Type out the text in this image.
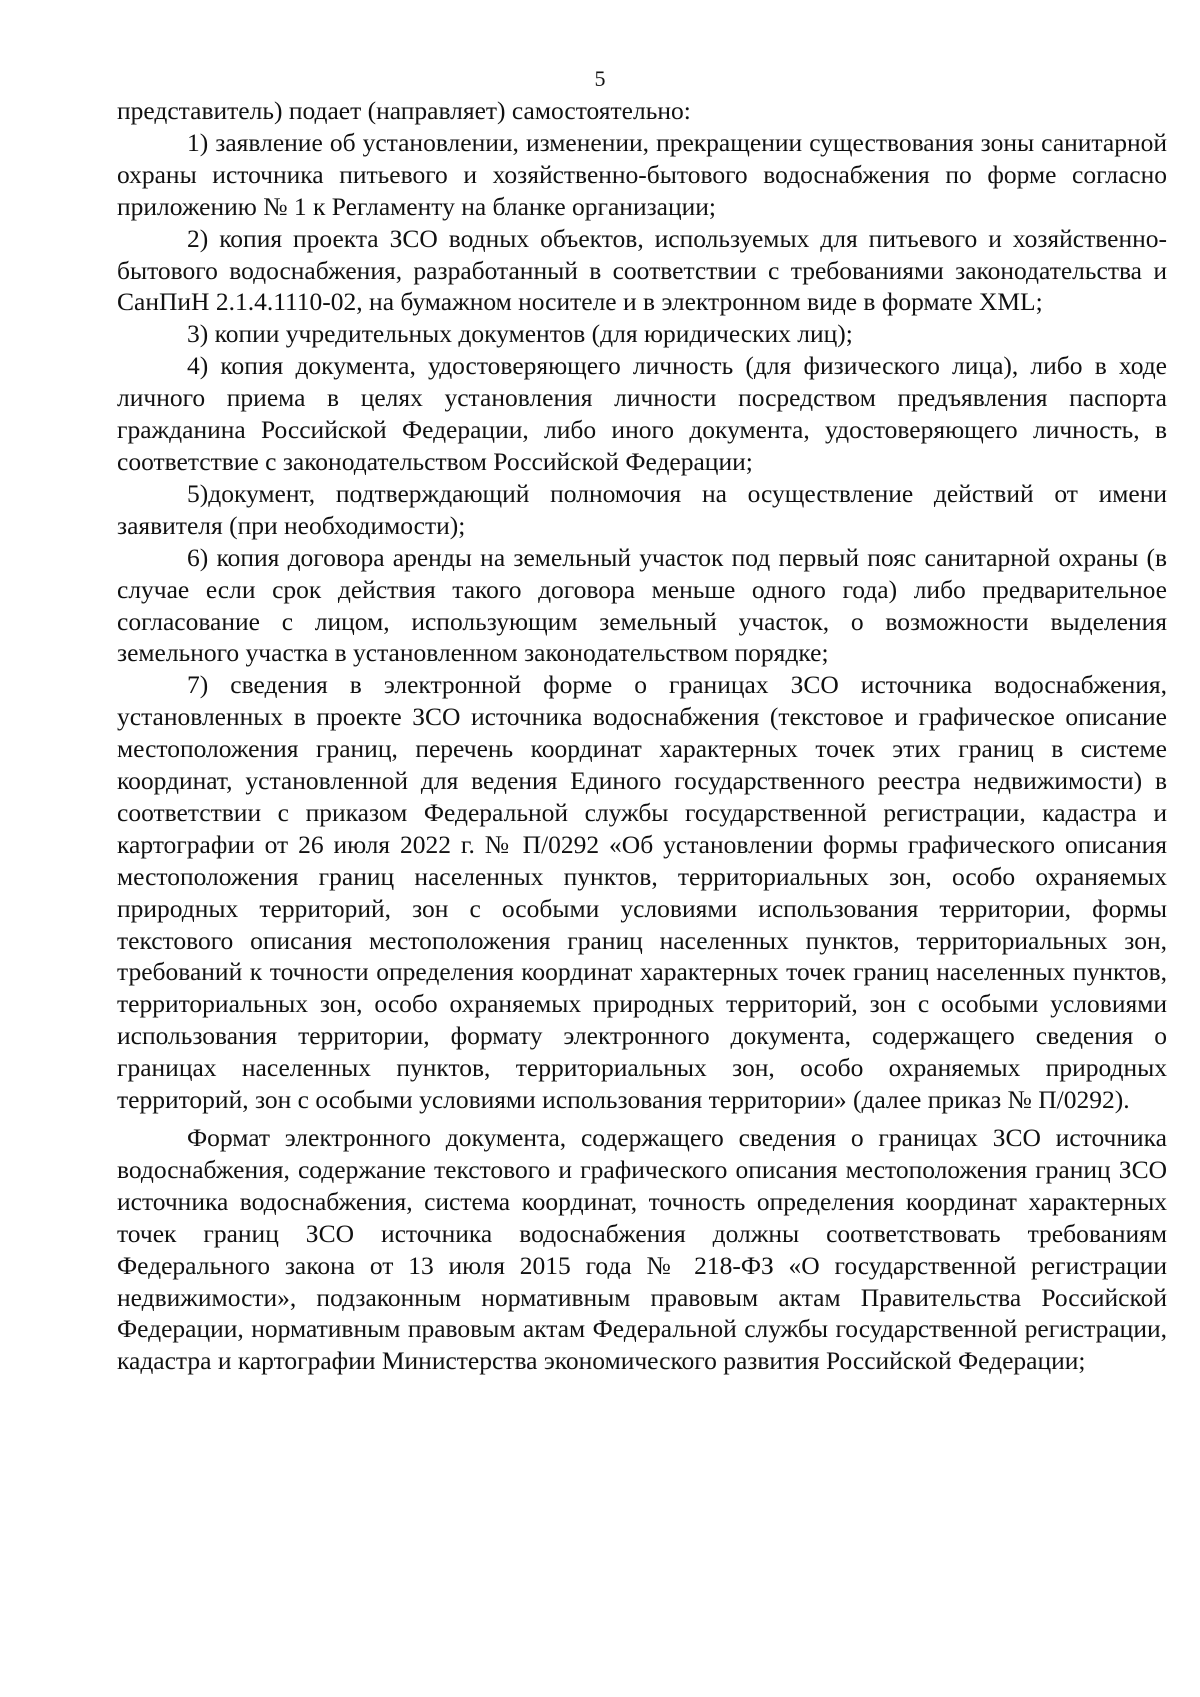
5

представитель) подает (направляет) самостоятельно:

1) заявление об установлении, изменении, прекращении существования зоны санитарной охраны источника питьевого и хозяйственно-бытового водоснабжения по форме согласно приложению № 1 к Регламенту на бланке организации;

2) копия проекта ЗСО водных объектов, используемых для питьевого и хозяйственно-бытового водоснабжения, разработанный в соответствии с требованиями законодательства и СанПиН 2.1.4.1110-02, на бумажном носителе и в электронном виде в формате XML;

3) копии учредительных документов (для юридических лиц);

4) копия документа, удостоверяющего личность (для физического лица), либо в ходе личного приема в целях установления личности посредством предъявления паспорта гражданина Российской Федерации, либо иного документа, удостоверяющего личность, в соответствие с законодательством Российской Федерации;

5)документ, подтверждающий полномочия на осуществление действий от имени заявителя (при необходимости);

6) копия договора аренды на земельный участок под первый пояс санитарной охраны (в случае если срок действия такого договора меньше одного года) либо предварительное согласование с лицом, использующим земельный участок, о возможности выделения земельного участка в установленном законодательством порядке;

7) сведения в электронной форме о границах ЗСО источника водоснабжения, установленных в проекте ЗСО источника водоснабжения (текстовое и графическое описание местоположения границ, перечень координат характерных точек этих границ в системе координат, установленной для ведения Единого государственного реестра недвижимости) в соответствии с приказом Федеральной службы государственной регистрации, кадастра и картографии от 26 июля 2022 г. № П/0292 «Об установлении формы графического описания местоположения границ населенных пунктов, территориальных зон, особо охраняемых природных территорий, зон с особыми условиями использования территории, формы текстового описания местоположения границ населенных пунктов, территориальных зон, требований к точности определения координат характерных точек границ населенных пунктов, территориальных зон, особо охраняемых природных территорий, зон с особыми условиями использования территории, формату электронного документа, содержащего сведения о границах населенных пунктов, территориальных зон, особо охраняемых природных территорий, зон с особыми условиями использования территории» (далее приказ № П/0292).

Формат электронного документа, содержащего сведения о границах ЗСО источника водоснабжения, содержание текстового и графического описания местоположения границ ЗСО источника водоснабжения, система координат, точность определения координат характерных точек границ ЗСО источника водоснабжения должны соответствовать требованиям Федерального закона от 13 июля 2015 года № 218-ФЗ «О государственной регистрации недвижимости», подзаконным нормативным правовым актам Правительства Российской Федерации, нормативным правовым актам Федеральной службы государственной регистрации, кадастра и картографии Министерства экономического развития Российской Федерации;
